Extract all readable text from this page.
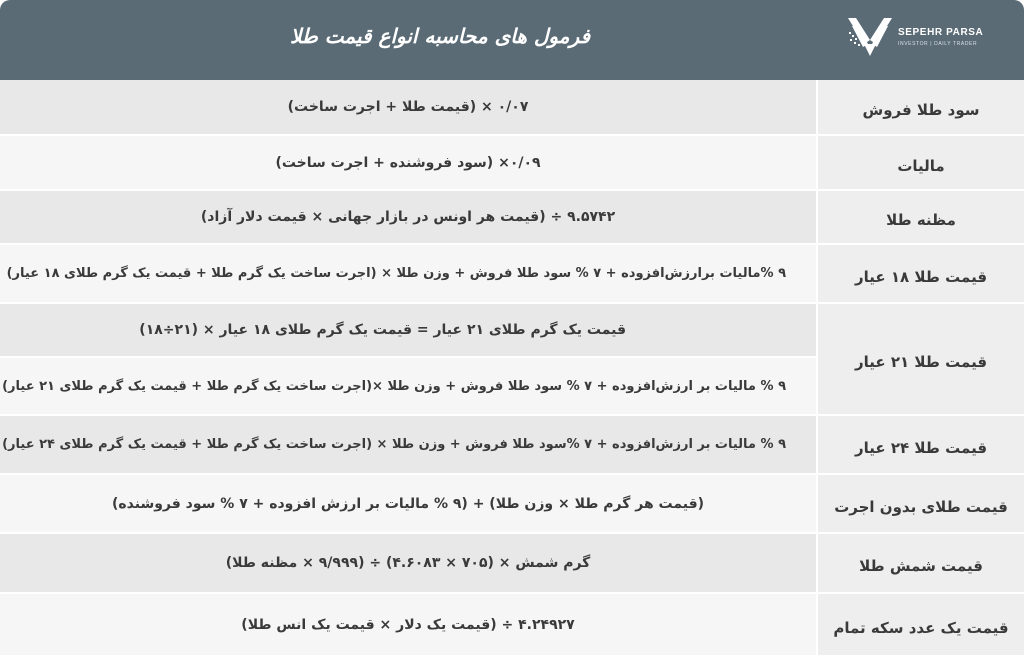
فرمول های محاسبه انواع قیمت طلا	SEPEHR PARSA
INVESTOR | DAILY TRADER
سود طلا فروش
۰/۰۷ × (قیمت طلا + اجرت ساخت)
مالیات
۰/۰۹× (سود فروشنده + اجرت ساخت)
مظنه طلا
۹.۵۷۴۲ ÷ (قیمت هر اونس در بازار جهانی × قیمت دلار آزاد)
قیمت طلا ۱۸ عیار
۹ %مالیات برارزش‌افزوده + ۷ % سود طلا فروش + وزن طلا × (اجرت ساخت یک گرم طلا + قیمت یک گرم طلای ۱۸ عیار)
قیمت طلا ۲۱ عیار
قیمت یک گرم طلای ۲۱ عیار = قیمت یک گرم طلای ۱۸ عیار × (۲۱÷۱۸)
۹ % مالیات بر ارزش‌افزوده + ۷ % سود طلا فروش + وزن طلا ×(اجرت ساخت یک گرم طلا + قیمت یک گرم طلای ۲۱ عیار)
قیمت طلا ۲۴ عیار
۹ % مالیات بر ارزش‌افزوده + ۷ %سود طلا فروش + وزن طلا × (اجرت ساخت یک گرم طلا + قیمت یک گرم طلای ۲۴ عیار)
قیمت طلای بدون اجرت
(قیمت هر گرم طلا × وزن طلا) + (۹ % مالیات بر ارزش افزوده + ۷ % سود فروشنده)
قیمت شمش طلا
گرم شمش × (۷۰۵ × ۴.۶۰۸۳) ÷ (۹/۹۹۹ × مظنه طلا)
قیمت یک عدد سکه تمام
۴.۲۴۹۲۷ ÷ (قیمت یک دلار × قیمت یک انس طلا)
